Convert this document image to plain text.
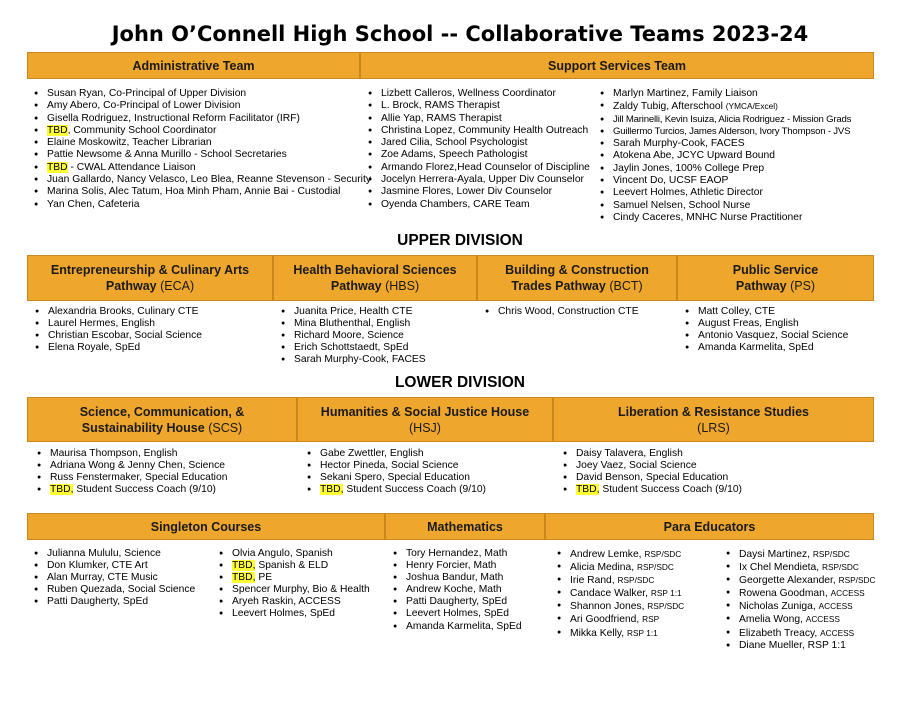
John O’Connell High School -- Collaborative Teams 2023-24
Administrative Team	Support Services Team
● Susan Ryan, Co-Principal of Upper Division
● Amy Abero, Co-Principal of Lower Division
● Gisella Rodriguez, Instructional Reform Facilitator (IRF)
● TBD, Community School Coordinator
● Elaine Moskowitz, Teacher Librarian
● Pattie Newsome & Anna Murillo - School Secretaries
● TBD - CWAL Attendance Liaison
● Juan Gallardo, Nancy Velasco, Leo Blea, Reanne Stevenson - Security
● Marina Solis, Alec Tatum, Hoa Minh Pham, Annie Bai - Custodial
● Yan Chen, Cafeteria
● Lizbett Calleros, Wellness Coordinator
● L. Brock, RAMS Therapist
● Allie Yap, RAMS Therapist
● Christina Lopez, Community Health Outreach
● Jared Cilia, School Psychologist
● Zoe Adams, Speech Pathologist
● Armando Florez,Head Counselor of Discipline
● Jocelyn Herrera-Ayala, Upper Div Counselor
● Jasmine Flores, Lower Div Counselor
● Oyenda Chambers, CARE Team
● Marlyn Martinez, Family Liaison
● Zaldy Tubig, Afterschool (YMCA/Excel)
● Jill Marinelli, Kevin Isuiza, Alicia Rodriguez - Mission Grads
● Guillermo Turcios, James Alderson, Ivory Thompson - JVS
● Sarah Murphy-Cook, FACES
● Atokena Abe, JCYC Upward Bound
● Jaylin Jones, 100% College Prep
● Vincent Do, UCSF EAOP
● Leevert Holmes, Athletic Director
● Samuel Nelsen, School Nurse
● Cindy Caceres, MNHC Nurse Practitioner
UPPER DIVISION
Entrepreneurship & Culinary Arts
Pathway (ECA)
Health Behavioral Sciences
Pathway (HBS)
Building & Construction
Trades Pathway (BCT)
Public Service
Pathway (PS)
● Alexandria Brooks, Culinary CTE
● Laurel Hermes, English
● Christian Escobar, Social Science
● Elena Royale, SpEd
● Juanita Price, Health CTE
● Mina Bluthenthal, English
● Richard Moore, Science
● Erich Schottstaedt, SpEd
● Sarah Murphy-Cook, FACES
● Chris Wood, Construction CTE
●	Matt Colley, CTE
● August Freas, English
● Antonio Vasquez, Social Science
● Amanda Karmelita, SpEd
LOWER DIVISION
Science, Communication, &
Sustainability House (SCS)
Humanities & Social Justice House
(HSJ)
Liberation & Resistance Studies
(LRS)
● Maurisa Thompson, English
● Adriana Wong & Jenny Chen, Science
● Russ Fenstermaker, Special Education
● TBD, Student Success Coach (9/10)
● Gabe Zwettler, English
● Hector Pineda, Social Science
● Sekani Spero, Special Education
● TBD, Student Success Coach (9/10)
● Daisy Talavera, English
● Joey Vaez, Social Science
● David Benson, Special Education
● TBD, Student Success Coach (9/10)
Singleton Courses	Mathematics	Para Educators
● Julianna Mululu, Science
● Don Klumker, CTE Art
● Alan Murray, CTE Music
● Ruben Quezada, Social Science
● Patti Daugherty, SpEd
● Olvia Angulo, Spanish
● TBD, Spanish & ELD
● TBD, PE
● Spencer Murphy, Bio & Health
● Aryeh Raskin, ACCESS
● Leevert Holmes, SpEd
● Tory Hernandez, Math
● Henry Forcier, Math
● Joshua Bandur, Math
● Andrew Koche, Math
● Patti Daugherty, SpEd
● Leevert Holmes, SpEd
● Amanda Karmelita, SpEd
● Andrew Lemke, RSP/SDC
● Alicia Medina, RSP/SDC
● Irie Rand, RSP/SDC
● Candace Walker, RSP 1:1
● Shannon Jones, RSP/SDC
● Ari Goodfriend, RSP
● Mikka Kelly, RSP 1:1
● Daysi Martinez, RSP/SDC
● Ix Chel Mendieta, RSP/SDC
● Georgette Alexander, RSP/SDC
● Rowena Goodman, ACCESS
● Nicholas Zuniga, ACCESS
● Amelia Wong, ACCESS
● Elizabeth Treacy, ACCESS
● Diane Mueller, RSP 1:1
